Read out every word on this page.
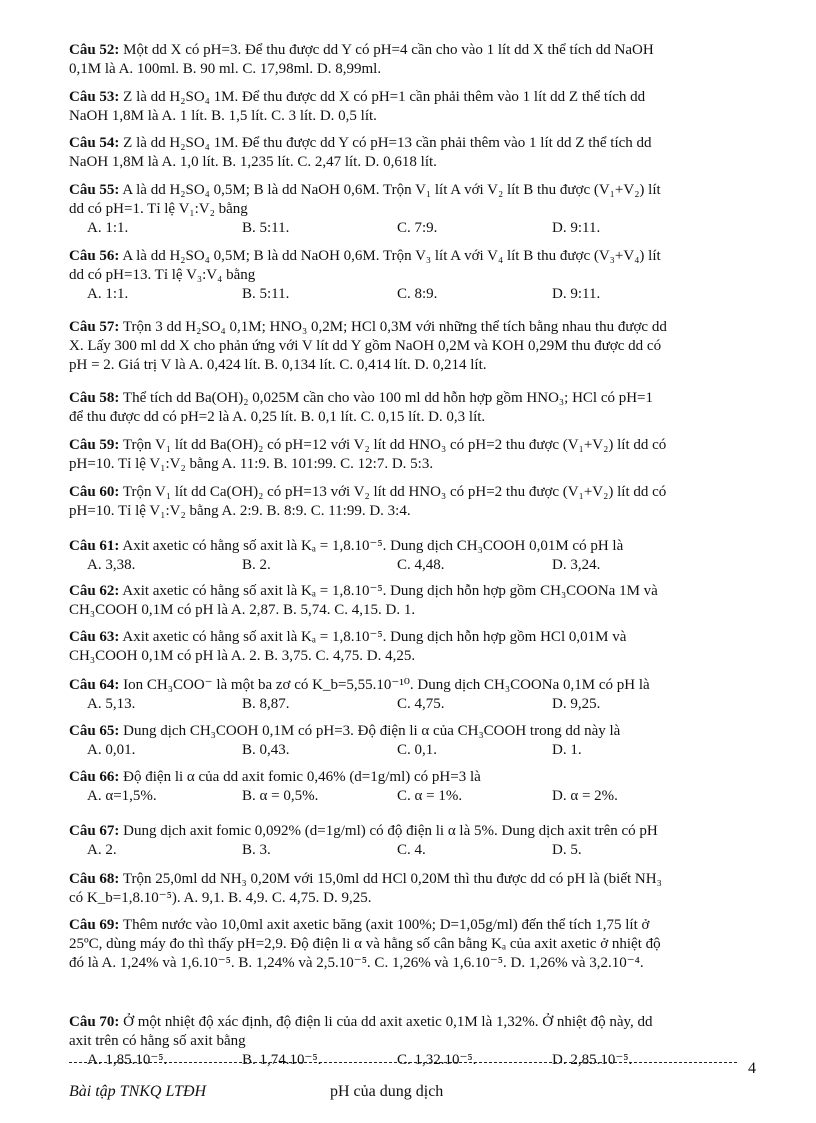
Câu 52: Một dd X có pH=3. Để thu được dd Y có pH=4 cần cho vào 1 lít dd X thể tích dd NaOH

0,1M là A. 100ml. B. 90 ml. C. 17,98ml. D. 8,99ml.

Câu 53: Z là dd H₂SO₄ 1M. Để thu được dd X có pH=1 cần phải thêm vào 1 lít dd Z thể tích dd

NaOH 1,8M là A. 1 lít. B. 1,5 lít. C. 3 lít. D. 0,5 lít.

Câu 54: Z là dd H₂SO₄ 1M. Để thu được dd Y có pH=13 cần phải thêm vào 1 lít dd Z thể tích dd

NaOH 1,8M là A. 1,0 lít. B. 1,235 lít. C. 2,47 lít. D. 0,618 lít.

Câu 55: A là dd H₂SO₄ 0,5M; B là dd NaOH 0,6M. Trộn V₁ lít A với V₂ lít B thu được (V₁+V₂) lít

dd có pH=1. Tỉ lệ V₁:V₂ bằng

A. 1:1.	B. 5:11.	C. 7:9.	D. 9:11.

Câu 56: A là dd H₂SO₄ 0,5M; B là dd NaOH 0,6M. Trộn V₃ lít A với V₄ lít B thu được (V₃+V₄) lít

dd có pH=13. Tỉ lệ V₃:V₄ bằng

A. 1:1.	B. 5:11.	C. 8:9.	D. 9:11.

Câu 57: Trộn 3 dd H₂SO₄ 0,1M; HNO₃ 0,2M; HCl 0,3M với những thể tích bằng nhau thu được dd

X. Lấy 300 ml dd X cho phản ứng với V lít dd Y gồm NaOH 0,2M và KOH 0,29M thu được dd có

pH = 2. Giá trị V là A. 0,424 lít. B. 0,134 lít. C. 0,414 lít. D. 0,214 lít.

Câu 58: Thể tích dd Ba(OH)₂ 0,025M cần cho vào 100 ml dd hỗn hợp gồm HNO₃; HCl có pH=1

để thu được dd có pH=2 là A. 0,25 lít. B. 0,1 lít. C. 0,15 lít. D. 0,3 lít.

Câu 59: Trộn V₁ lít dd Ba(OH)₂ có pH=12 với V₂ lít dd HNO₃ có pH=2 thu được (V₁+V₂) lít dd có

pH=10. Tỉ lệ V₁:V₂ bằng A. 11:9. B. 101:99. C. 12:7. D. 5:3.

Câu 60: Trộn V₁ lít dd Ca(OH)₂ có pH=13 với V₂ lít dd HNO₃ có pH=2 thu được (V₁+V₂) lít dd có

pH=10. Tỉ lệ V₁:V₂ bằng A. 2:9. B. 8:9. C. 11:99. D. 3:4.

Câu 61: Axit axetic có hằng số axit là Kₐ = 1,8.10⁻⁵. Dung dịch CH₃COOH 0,01M có pH là

A. 3,38.	B. 2.	C. 4,48.	D. 3,24.

Câu 62: Axit axetic có hằng số axit là Kₐ = 1,8.10⁻⁵. Dung dịch hỗn hợp gồm CH₃COONa 1M và

CH₃COOH 0,1M có pH là A. 2,87. B. 5,74. C. 4,15. D. 1.

Câu 63: Axit axetic có hằng số axit là Kₐ = 1,8.10⁻⁵. Dung dịch hỗn hợp gồm HCl 0,01M và

CH₃COOH 0,1M có pH là A. 2. B. 3,75. C. 4,75. D. 4,25.

Câu 64: Ion CH₃COO⁻ là một ba zơ có K_b=5,55.10⁻¹⁰. Dung dịch CH₃COONa 0,1M có pH là

A. 5,13.	B. 8,87.	C. 4,75.	D. 9,25.

Câu 65: Dung dịch CH₃COOH 0,1M có pH=3. Độ điện li α của CH₃COOH trong dd này là

A. 0,01.	B. 0,43.	C. 0,1.	D. 1.

Câu 66: Độ điện li α của dd axit fomic 0,46% (d=1g/ml) có pH=3 là

A. α=1,5%.	B. α = 0,5%.	C. α = 1%.	D. α = 2%.

Câu 67: Dung dịch axit fomic 0,092% (d=1g/ml) có độ điện li α là 5%. Dung dịch axit trên có pH

A. 2.	B. 3.	C. 4.	D. 5.

Câu 68: Trộn 25,0ml dd NH₃ 0,20M với 15,0ml dd HCl 0,20M thì thu được dd có pH là (biết NH₃

có K_b=1,8.10⁻⁵). A. 9,1. B. 4,9. C. 4,75. D. 9,25.

Câu 69: Thêm nước vào 10,0ml axit axetic băng (axit 100%; D=1,05g/ml) đến thể tích 1,75 lít ở

25ºC, dùng máy đo thì thấy pH=2,9. Độ điện li α và hằng số cân bằng Kₐ của axit axetic ở nhiệt độ

đó là A. 1,24% và 1,6.10⁻⁵. B. 1,24% và 2,5.10⁻⁵. C. 1,26% và 1,6.10⁻⁵. D. 1,26% và 3,2.10⁻⁴.

Câu 70: Ở một nhiệt độ xác định, độ điện li của dd axit axetic 0,1M là 1,32%. Ở nhiệt độ này, dd

axit trên có hằng số axit bằng

A. 1,85.10⁻⁵.	B. 1,74.10⁻⁵.	C. 1,32.10⁻⁵.	D. 2,85.10⁻⁵.	4
Bài tập TNKQ LTĐH	pH của dung dịch
